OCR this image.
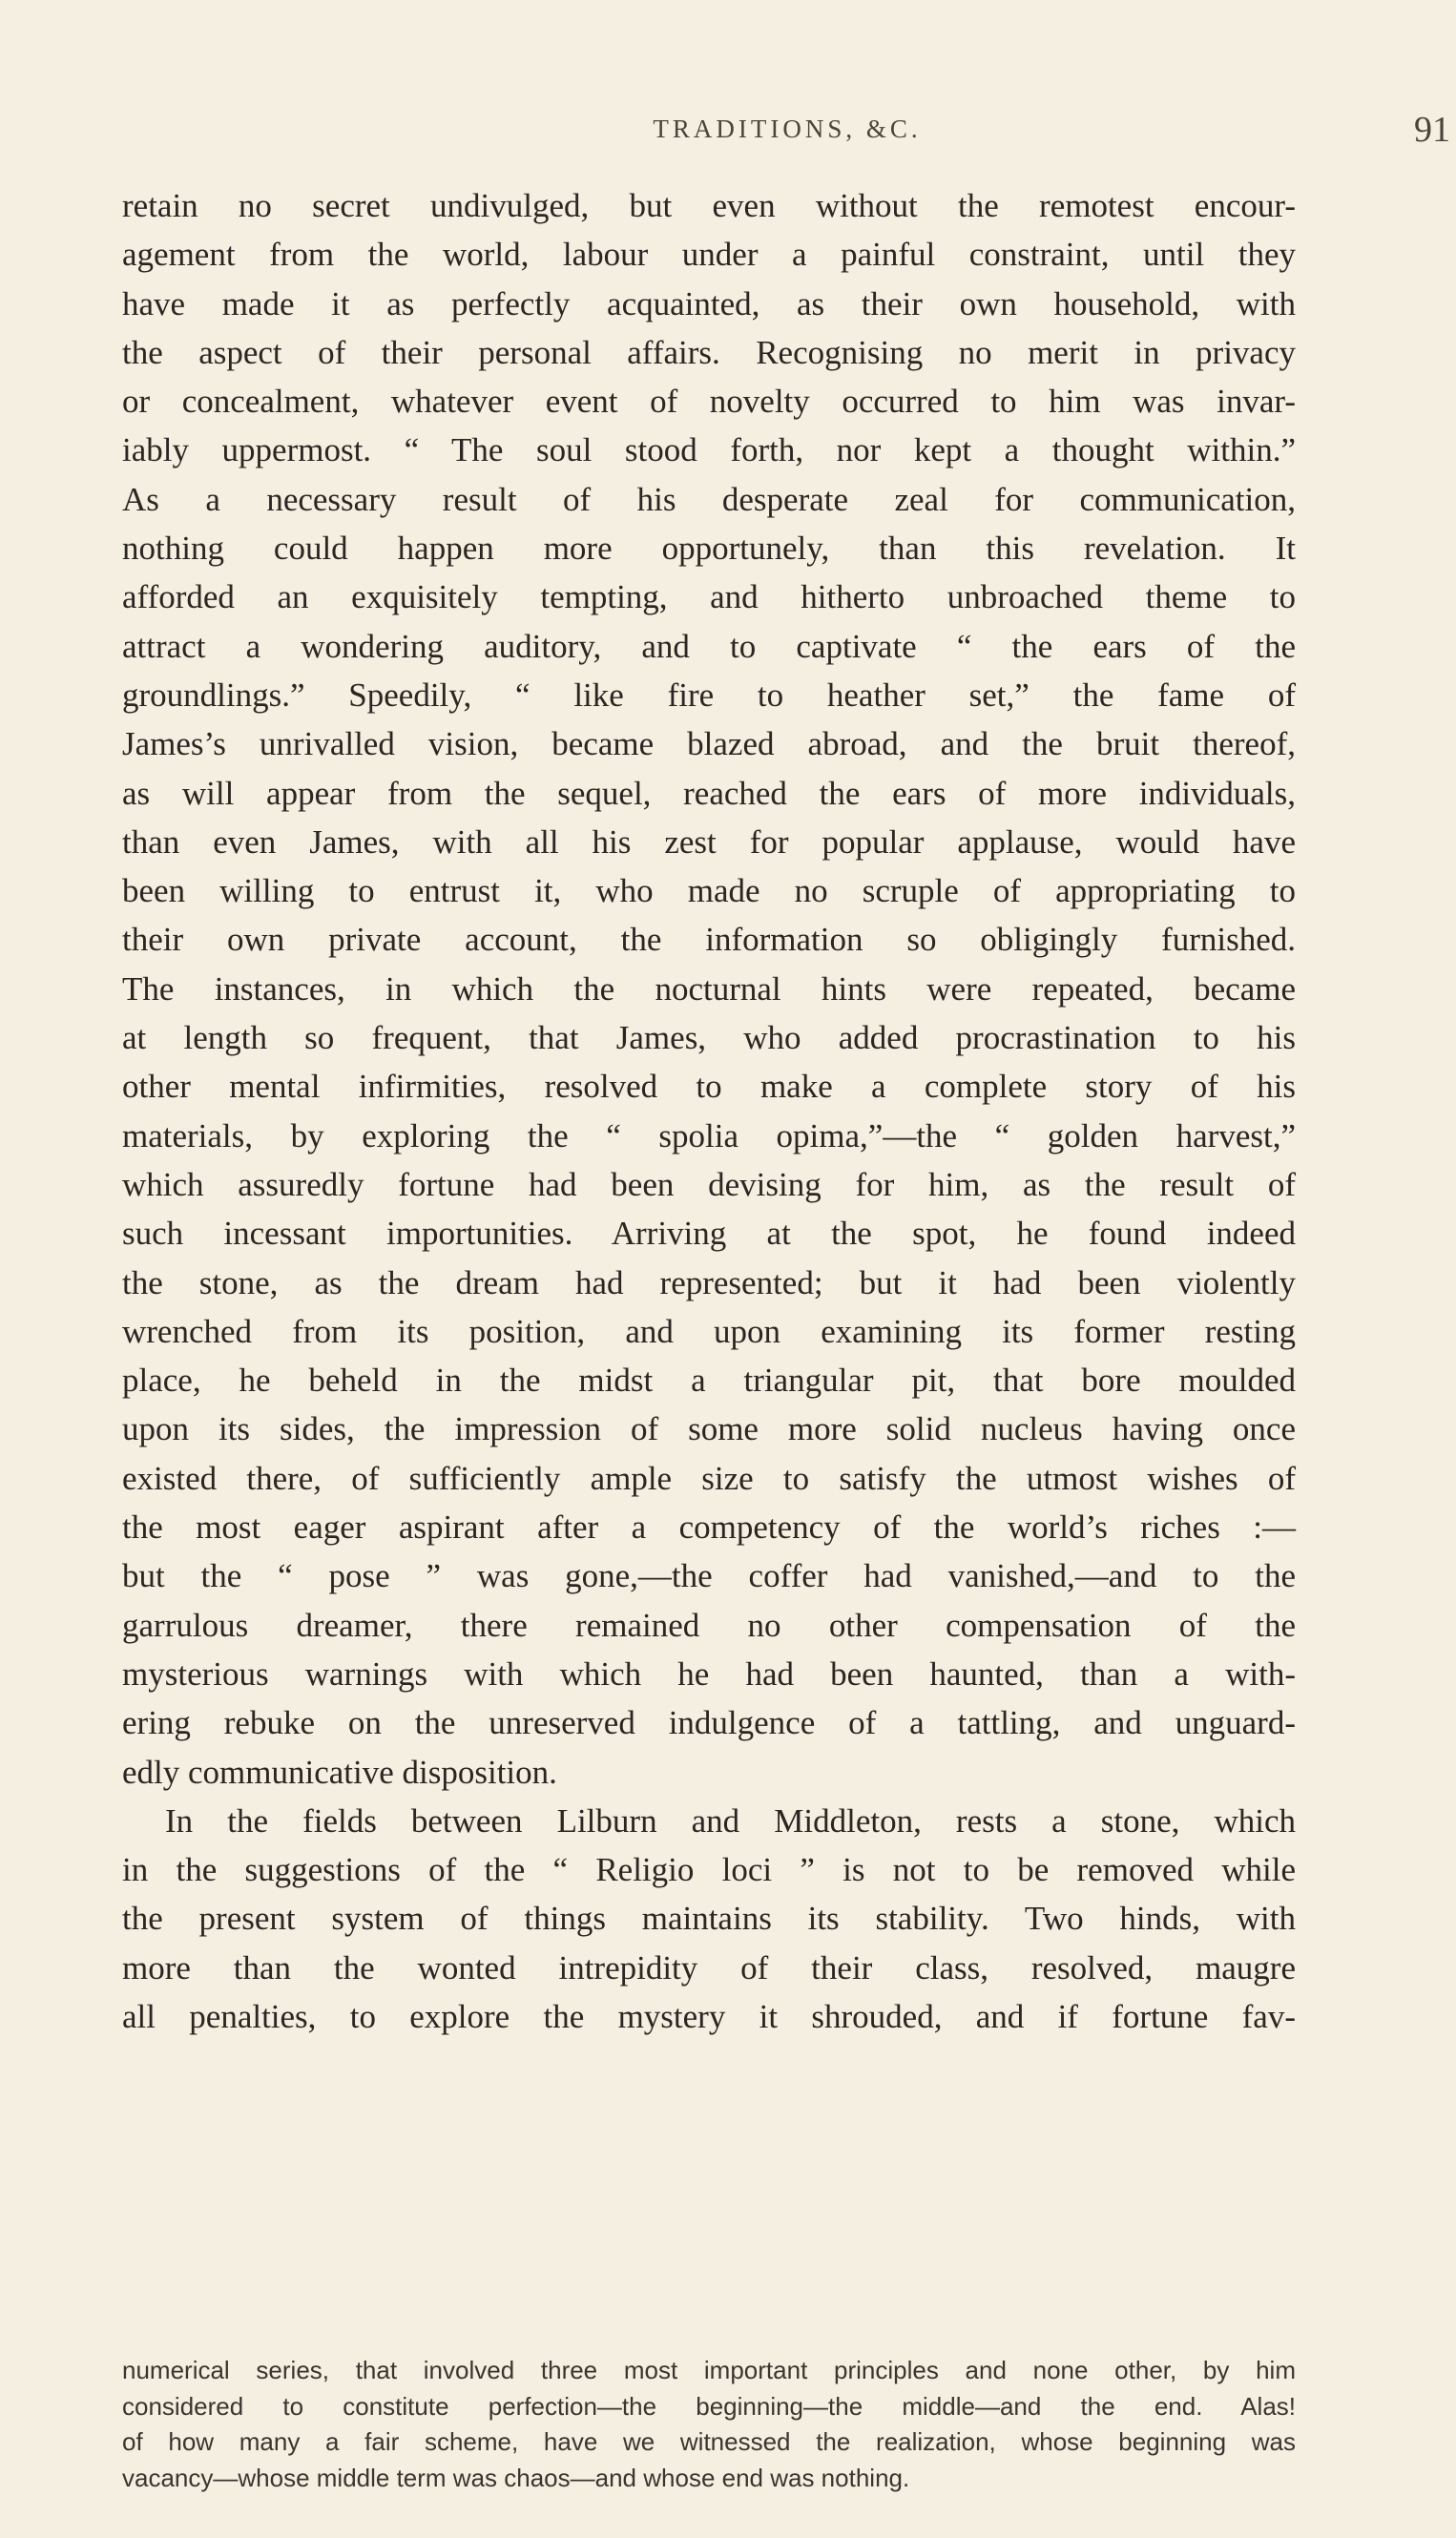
TRADITIONS, &C.	91
retain no secret undivulged, but even without the remotest encour-
agement from the world, labour under a painful constraint, until they
have made it as perfectly acquainted, as their own household, with
the aspect of their personal affairs. Recognising no merit in privacy
or concealment, whatever event of novelty occurred to him was invar-
iably uppermost. “ The soul stood forth, nor kept a thought within.”
As a necessary result of his desperate zeal for communication,
nothing could happen more opportunely, than this revelation. It
afforded an exquisitely tempting, and hitherto unbroached theme to
attract a wondering auditory, and to captivate “ the ears of the
groundlings.” Speedily, “ like fire to heather set,” the fame of
James’s unrivalled vision, became blazed abroad, and the bruit thereof,
as will appear from the sequel, reached the ears of more individuals,
than even James, with all his zest for popular applause, would have
been willing to entrust it, who made no scruple of appropriating to
their own private account, the information so obligingly furnished.
The instances, in which the nocturnal hints were repeated, became
at length so frequent, that James, who added procrastination to his
other mental infirmities, resolved to make a complete story of his
materials, by exploring the “ spolia opima,”—the “ golden harvest,”
which assuredly fortune had been devising for him, as the result of
such incessant importunities. Arriving at the spot, he found indeed
the stone, as the dream had represented; but it had been violently
wrenched from its position, and upon examining its former resting
place, he beheld in the midst a triangular pit, that bore moulded
upon its sides, the impression of some more solid nucleus having once
existed there, of sufficiently ample size to satisfy the utmost wishes of
the most eager aspirant after a competency of the world’s riches :—
but the “ pose ” was gone,—the coffer had vanished,—and to the
garrulous dreamer, there remained no other compensation of the
mysterious warnings with which he had been haunted, than a with-
ering rebuke on the unreserved indulgence of a tattling, and unguard-
edly communicative disposition.
In the fields between Lilburn and Middleton, rests a stone, which
in the suggestions of the “ Religio loci ” is not to be removed while
the present system of things maintains its stability. Two hinds, with
more than the wonted intrepidity of their class, resolved, maugre
all penalties, to explore the mystery it shrouded, and if fortune fav-
numerical series, that involved three most important principles and none other, by him
considered to constitute perfection—the beginning—the middle—and the end. Alas!
of how many a fair scheme, have we witnessed the realization, whose beginning was
vacancy—whose middle term was chaos—and whose end was nothing.
